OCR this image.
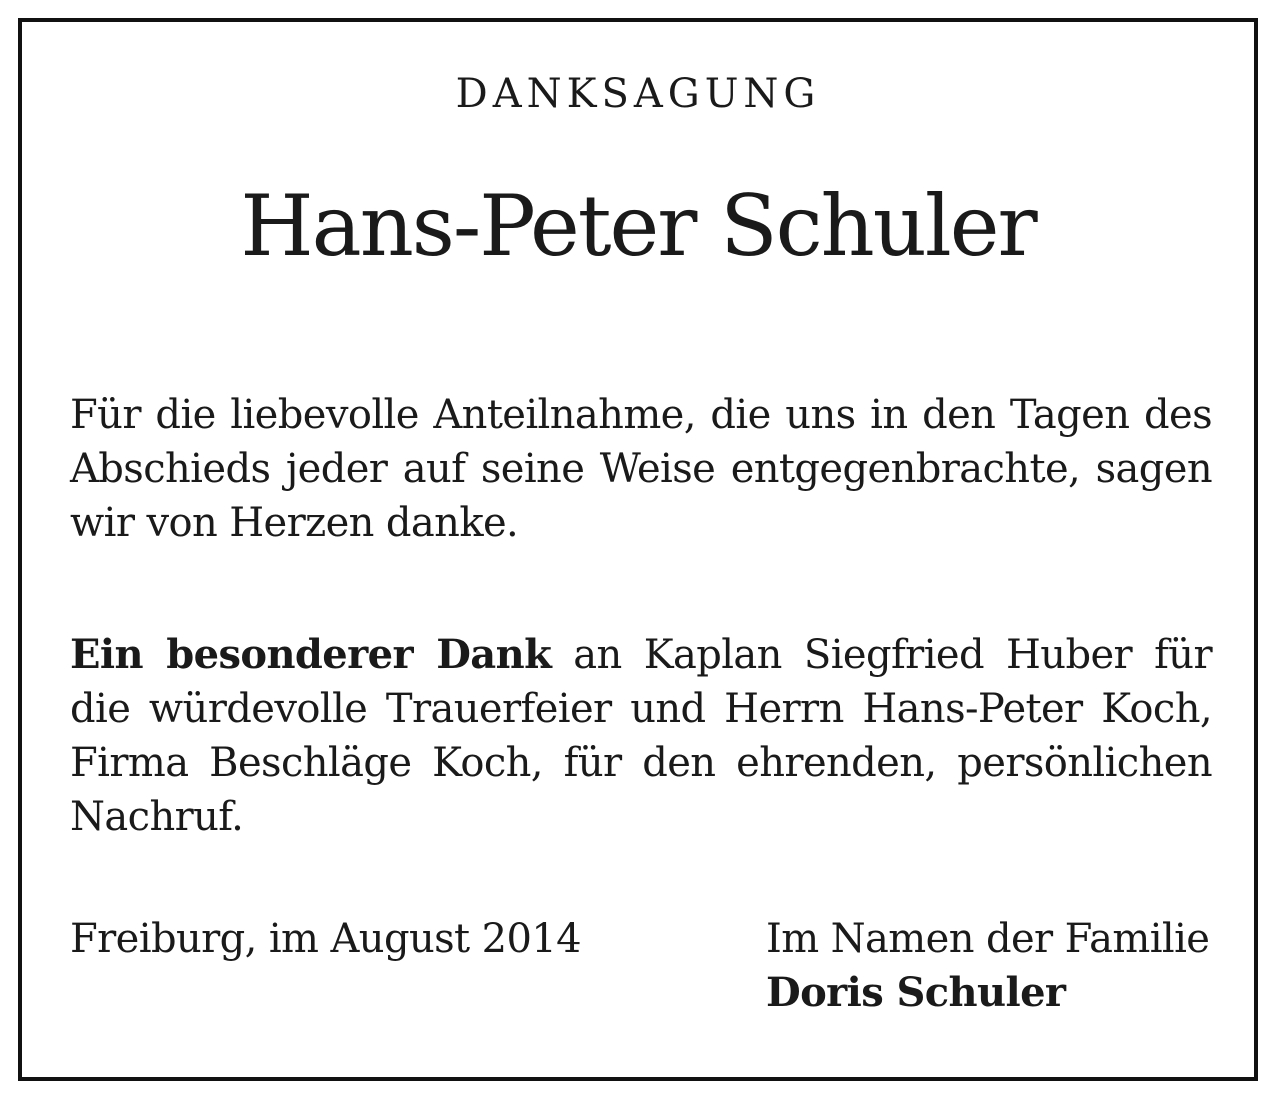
DANKSAGUNG
Hans-Peter Schuler

Für die liebevolle Anteilnahme, die uns in den Tagen des Abschieds jeder auf seine Weise entgegenbrachte, sagen wir von Herzen danke.

Ein besonderer Dank an Kaplan Siegfried Huber für die würdevolle Trauerfeier und Herrn Hans-Peter Koch, Firma Beschläge Koch, für den ehrenden, persönlichen Nachruf.

Freiburg, im August 2014	Im Namen der Familie
Doris Schuler
